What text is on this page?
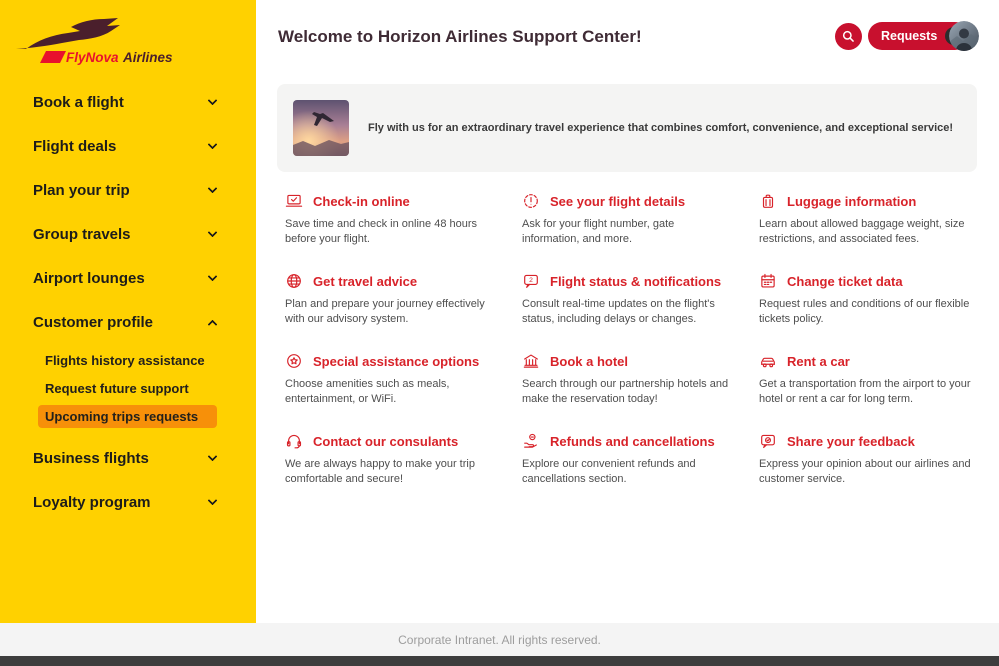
FlyNova Airlines
Book a flight
Flight deals
Plan your trip
Group travels
Airport lounges
Customer profile
Flights history assistance
Request future support
Upcoming trips requests
Business flights
Loyalty program
Welcome to Horizon Airlines Support Center!	Requests

Fly with us for an extraordinary travel experience that combines comfort, convenience, and exceptional service!

Check-in online

Save time and check in online 48 hours before your flight.

See your flight details

Ask for your flight number, gate information, and more.

Luggage information

Learn about allowed baggage weight, size restrictions, and associated fees.

Get travel advice

Plan and prepare your journey effectively with our advisory system.

2 Flight status & notifications

Consult real-time updates on the flight's status, including delays or changes.

Change ticket data

Request rules and conditions of our flexible tickets policy.

Special assistance options

Choose amenities such as meals, entertainment, or WiFi.

Book a hotel

Search through our partnership hotels and make the reservation today!

Rent a car

Get a transportation from the airport to your hotel or rent a car for long term.

Contact our consulants

We are always happy to make your trip comfortable and secure!

Refunds and cancellations

Explore our convenient refunds and cancellations section.

Share your feedback

Express your opinion about our airlines and customer service.

Corporate Intranet. All rights reserved.
